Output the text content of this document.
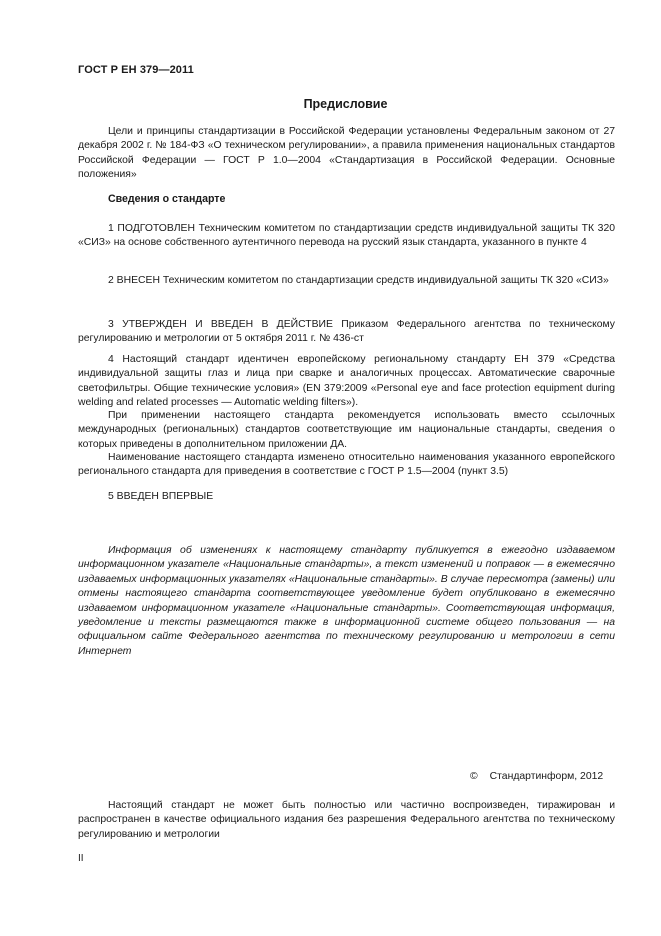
ГОСТ Р ЕН 379—2011
Предисловие

Цели и принципы стандартизации в Российской Федерации установлены Федеральным законом от 27 декабря 2002 г. № 184-ФЗ «О техническом регулировании», а правила применения национальных стандартов Российской Федерации — ГОСТ Р 1.0—2004 «Стандартизация в Российской Федерации. Основные положения»

Сведения о стандарте

1 ПОДГОТОВЛЕН Техническим комитетом по стандартизации средств индивидуальной защиты ТК 320 «СИЗ» на основе собственного аутентичного перевода на русский язык стандарта, указанного в пункте 4

2 ВНЕСЕН Техническим комитетом по стандартизации средств индивидуальной защиты ТК 320 «СИЗ»

3 УТВЕРЖДЕН И ВВЕДЕН В ДЕЙСТВИЕ Приказом Федерального агентства по техническому регулированию и метрологии от 5 октября 2011 г. № 436-ст

4 Настоящий стандарт идентичен европейскому региональному стандарту ЕН 379 «Средства индивидуальной защиты глаз и лица при сварке и аналогичных процессах. Автоматические сварочные светофильтры. Общие технические условия» (EN 379:2009 «Personal eye and face protection equipment during welding and related processes — Automatic welding filters»).

При применении настоящего стандарта рекомендуется использовать вместо ссылочных международных (региональных) стандартов соответствующие им национальные стандарты, сведения о которых приведены в дополнительном приложении ДА.

Наименование настоящего стандарта изменено относительно наименования указанного европейского регионального стандарта для приведения в соответствие с ГОСТ Р 1.5—2004 (пункт 3.5)

5 ВВЕДЕН ВПЕРВЫЕ

Информация об изменениях к настоящему стандарту публикуется в ежегодно издаваемом информационном указателе «Национальные стандарты», а текст изменений и поправок — в ежемесячно издаваемых информационных указателях «Национальные стандарты». В случае пересмотра (замены) или отмены настоящего стандарта соответствующее уведомление будет опубликовано в ежемесячно издаваемом информационном указателе «Национальные стандарты». Соответствующая информация, уведомление и тексты размещаются также в информационной системе общего пользования — на официальном сайте Федерального агентства по техническому регулированию и метрологии в сети Интернет

© Стандартинформ, 2012

Настоящий стандарт не может быть полностью или частично воспроизведен, тиражирован и распространен в качестве официального издания без разрешения Федерального агентства по техническому регулированию и метрологии

II
